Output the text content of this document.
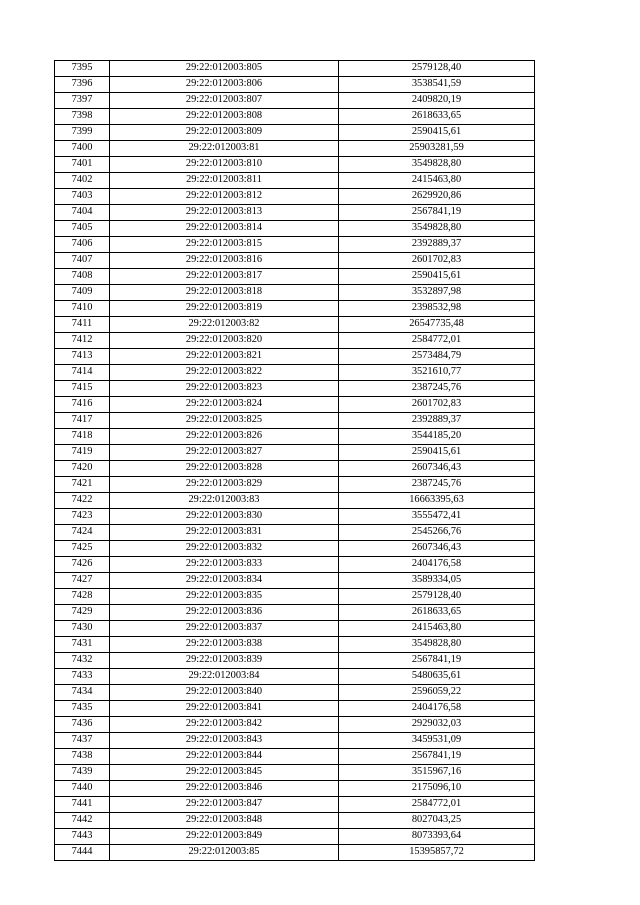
7395	29:22:012003:805	2579128,40
7396	29:22:012003:806	3538541,59
7397	29:22:012003:807	2409820,19
7398	29:22:012003:808	2618633,65
7399	29:22:012003:809	2590415,61
7400	29:22:012003:81	25903281,59
7401	29:22:012003:810	3549828,80
7402	29:22:012003:811	2415463,80
7403	29:22:012003:812	2629920,86
7404	29:22:012003:813	2567841,19
7405	29:22:012003:814	3549828,80
7406	29:22:012003:815	2392889,37
7407	29:22:012003:816	2601702,83
7408	29:22:012003:817	2590415,61
7409	29:22:012003:818	3532897,98
7410	29:22:012003:819	2398532,98
7411	29:22:012003:82	26547735,48
7412	29:22:012003:820	2584772,01
7413	29:22:012003:821	2573484,79
7414	29:22:012003:822	3521610,77
7415	29:22:012003:823	2387245,76
7416	29:22:012003:824	2601702,83
7417	29:22:012003:825	2392889,37
7418	29:22:012003:826	3544185,20
7419	29:22:012003:827	2590415,61
7420	29:22:012003:828	2607346,43
7421	29:22:012003:829	2387245,76
7422	29:22:012003:83	16663395,63
7423	29:22:012003:830	3555472,41
7424	29:22:012003:831	2545266,76
7425	29:22:012003:832	2607346,43
7426	29:22:012003:833	2404176,58
7427	29:22:012003:834	3589334,05
7428	29:22:012003:835	2579128,40
7429	29:22:012003:836	2618633,65
7430	29:22:012003:837	2415463,80
7431	29:22:012003:838	3549828,80
7432	29:22:012003:839	2567841,19
7433	29:22:012003:84	5480635,61
7434	29:22:012003:840	2596059,22
7435	29:22:012003:841	2404176,58
7436	29:22:012003:842	2929032,03
7437	29:22:012003:843	3459531,09
7438	29:22:012003:844	2567841,19
7439	29:22:012003:845	3515967,16
7440	29:22:012003:846	2175096,10
7441	29:22:012003:847	2584772,01
7442	29:22:012003:848	8027043,25
7443	29:22:012003:849	8073393,64
7444	29:22:012003:85	15395857,72
